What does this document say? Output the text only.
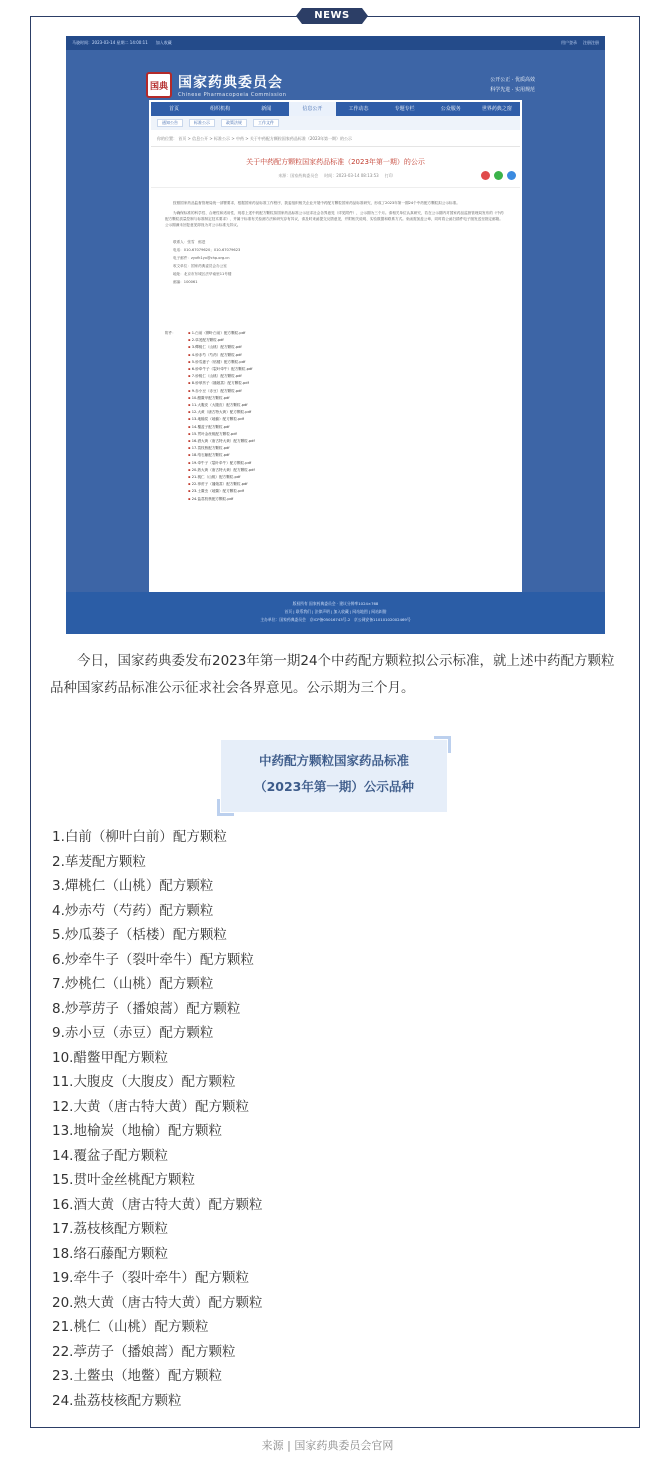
NEWS
马骁时间：2023-03-14 星期二 14:00:11 加入收藏	用户登录 注册注册
国典 国家药典委员会
Chinese Pharmacopoeia Commission
公开公正 · 优质高效
科学先进 · 实用规范
首页	组织机构	新闻	信息公开	工作动态	专题专栏	公众服务	世界药典之窗
通知公告	标准公示	政策法规	工作文件
你的位置： 首页 > 信息公开 > 标准公示 > 中药 > 关于中药配方颗粒国家药品标准（2023年第一期）的公示
关于中药配方颗粒国家药品标准（2023年第一期）的公示
来源：国家药典委员会 时间：2023-03-14 08:13:53 打印

按照国家药品监督管理局统一部署要求，根据国家药品标准工作程序，我委组织相关企业开展中药配方颗粒国家药品标准研究，形成了2023年第一期24个中药配方颗粒拟公示标准。

为确保标准的科学性、合理性和适用性，现将上述中药配方颗粒拟国家药品标准公示征求社会各界意见（详见附件），公示期为三个月。请相关单位认真研究，若在公示期内对国家药品监督管理局发布的《中药配方颗粒质量控制与标准制定技术要求》、并属于标准有关检测方法和研究存有异议，请及时来函提交反馈意见，并附相关说明、实验数据和联系方式。来函需加盖公章，同时将公函扫描件电子版发送至指定邮箱。公示期满未回复意见即视为对公示标准无异议。

联系人：张雪　郁进
电话：010-67079620；010-67079623
电子邮件：zyxfk1yx@chp.org.cn
收文单位：国家药典委员会办公室
地址：北京市东城区法华南里11号楼
邮编：100061
附件：
▪	1.白前（柳叶白前）配方颗粒.pdf
▪ 2.荜茇配方颗粒.pdf
▪ 3.燀桃仁（山桃）配方颗粒.pdf
▪ 4.炒赤芍（芍药）配方颗粒.pdf
▪ 5.炒瓜蒌子（栝楼）配方颗粒.pdf
▪ 6.炒牵牛子（裂叶牵牛）配方颗粒.pdf
▪ 7.炒桃仁（山桃）配方颗粒.pdf
▪ 8.炒葶苈子（播娘蒿）配方颗粒.pdf
▪ 9.赤小豆（赤豆）配方颗粒.pdf
▪ 10.醋鳖甲配方颗粒.pdf
▪ 11.大腹皮（大腹皮）配方颗粒.pdf
▪ 12.大黄（唐古特大黄）配方颗粒.pdf
▪ 13.地榆炭（地榆）配方颗粒.pdf
▪ 14.覆盆子配方颗粒.pdf
▪ 15.贯叶金丝桃配方颗粒.pdf
▪ 16.酒大黄（唐古特大黄）配方颗粒.pdf
▪ 17.荔枝核配方颗粒.pdf
▪ 18.络石藤配方颗粒.pdf
▪ 19.牵牛子（裂叶牵牛）配方颗粒.pdf
▪ 20.熟大黄（唐古特大黄）配方颗粒.pdf
▪ 21.桃仁（山桃）配方颗粒.pdf
▪ 22.葶苈子（播娘蒿）配方颗粒.pdf
▪ 23.土鳖虫（地鳖）配方颗粒.pdf
▪ 24.盐荔枝核配方颗粒.pdf
版权所有 国家药典委员会 · 建议分辨率1024×768
首页 | 联系我们 | 法律声明 | 加入收藏 | 网站地图 | 网站纠错
主办单位：国家药典委员会　京ICP备05016743号-2　京公网安备11010102002469号

今日，国家药典委发布2023年第一期24个中药配方颗粒拟公示标准，就上述中药配方颗粒品种国家药品标准公示征求社会各界意见。公示期为三个月。

中药配方颗粒国家药品标准
（2023年第一期）公示品种
1.白前（柳叶白前）配方颗粒
2.荜茇配方颗粒
3.燀桃仁（山桃）配方颗粒
4.炒赤芍（芍药）配方颗粒
5.炒瓜蒌子（栝楼）配方颗粒
6.炒牵牛子（裂叶牵牛）配方颗粒
7.炒桃仁（山桃）配方颗粒
8.炒葶苈子（播娘蒿）配方颗粒
9.赤小豆（赤豆）配方颗粒
10.醋鳖甲配方颗粒
11.大腹皮（大腹皮）配方颗粒
12.大黄（唐古特大黄）配方颗粒
13.地榆炭（地榆）配方颗粒
14.覆盆子配方颗粒
15.贯叶金丝桃配方颗粒
16.酒大黄（唐古特大黄）配方颗粒
17.荔枝核配方颗粒
18.络石藤配方颗粒
19.牵牛子（裂叶牵牛）配方颗粒
20.熟大黄（唐古特大黄）配方颗粒
21.桃仁（山桃）配方颗粒
22.葶苈子（播娘蒿）配方颗粒
23.土鳖虫（地鳖）配方颗粒
24.盐荔枝核配方颗粒
来源 | 国家药典委员会官网
